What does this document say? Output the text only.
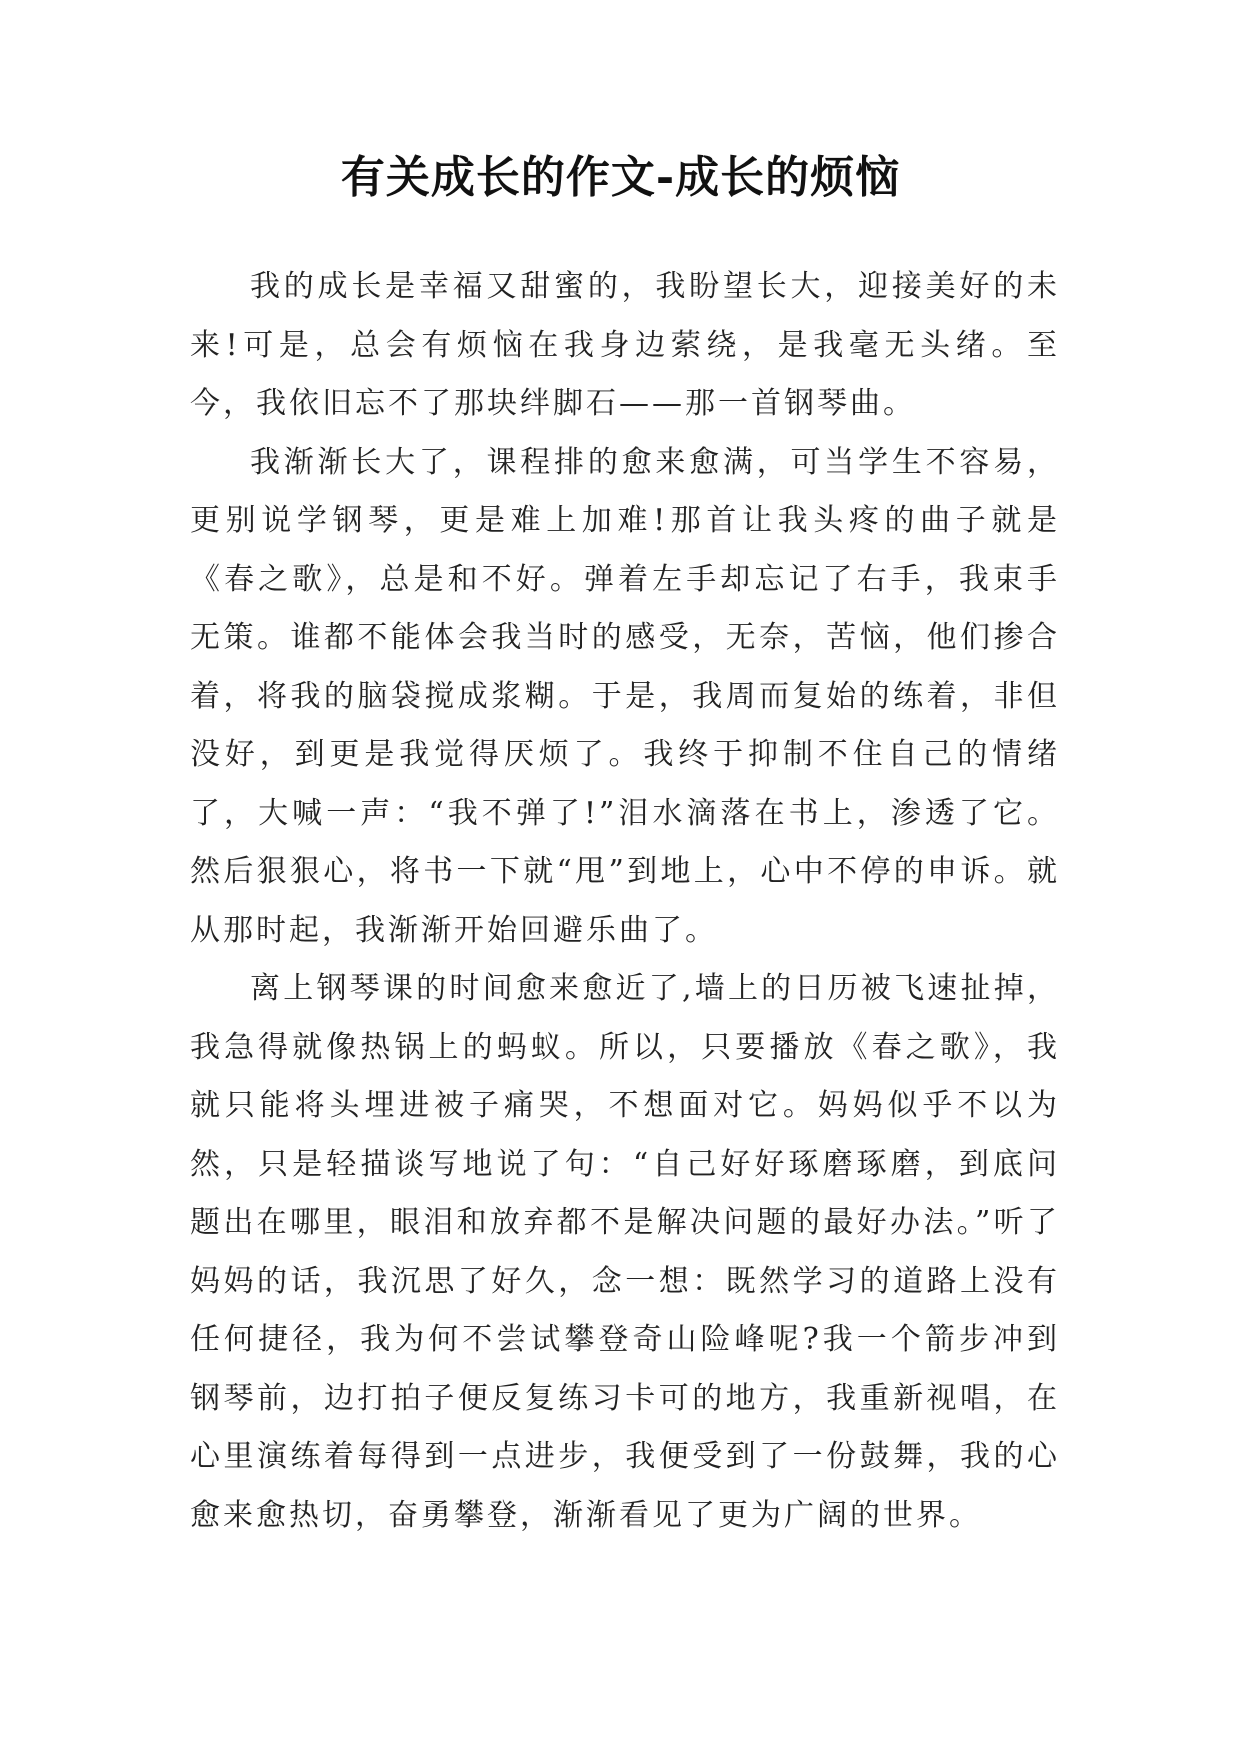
有关成长的作文-成长的烦恼

我的成长是幸福又甜蜜的，我盼望长大，迎接美好的未来!可是，总会有烦恼在我身边萦绕，是我毫无头绪。至今，我依旧忘不了那块绊脚石——那一首钢琴曲。

我渐渐长大了，课程排的愈来愈满，可当学生不容易，更别说学钢琴，更是难上加难!那首让我头疼的曲子就是《春之歌》，总是和不好。弹着左手却忘记了右手，我束手无策。谁都不能体会我当时的感受，无奈，苦恼，他们掺合着，将我的脑袋搅成浆糊。于是，我周而复始的练着，非但没好，到更是我觉得厌烦了。我终于抑制不住自己的情绪了，大喊一声：“我不弹了!”泪水滴落在书上，渗透了它。然后狠狠心，将书一下就“甩”到地上，心中不停的申诉。就从那时起，我渐渐开始回避乐曲了。

离上钢琴课的时间愈来愈近了,墙上的日历被飞速扯掉，我急得就像热锅上的蚂蚁。所以，只要播放《春之歌》，我就只能将头埋进被子痛哭，不想面对它。妈妈似乎不以为然，只是轻描谈写地说了句：“自己好好琢磨琢磨，到底问题出在哪里，眼泪和放弃都不是解决问题的最好办法。”听了妈妈的话，我沉思了好久，念一想：既然学习的道路上没有任何捷径，我为何不尝试攀登奇山险峰呢?我一个箭步冲到钢琴前，边打拍子便反复练习卡可的地方，我重新视唱，在心里演练着每得到一点进步，我便受到了一份鼓舞，我的心愈来愈热切，奋勇攀登，渐渐看见了更为广阔的世界。
